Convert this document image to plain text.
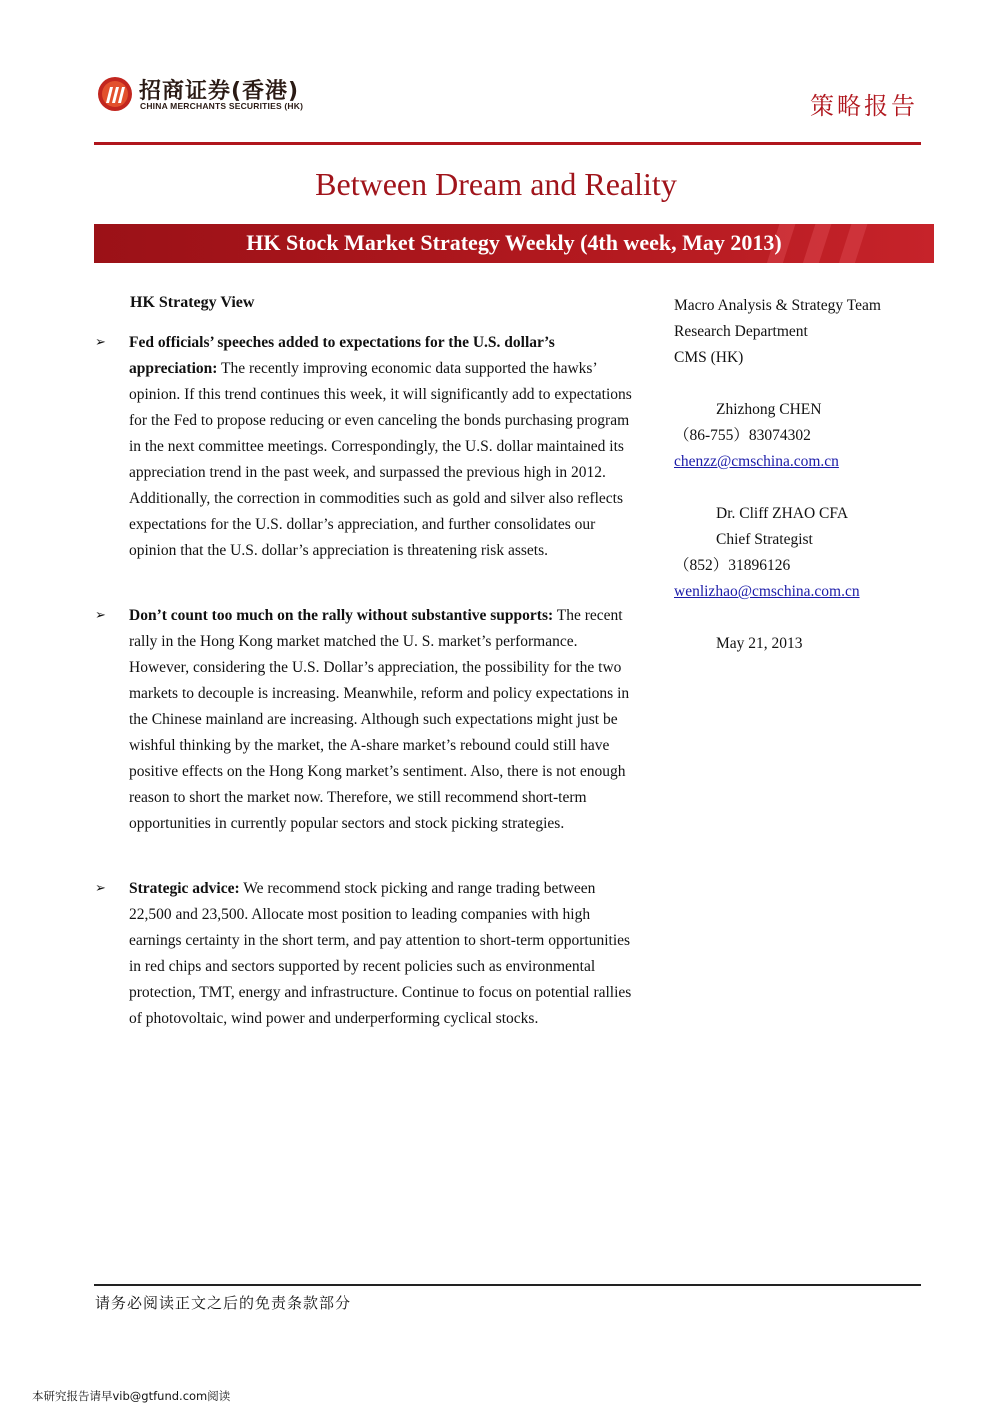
招商证券(香港)
CHINA MERCHANTS SECURITIES (HK)	策略报告
Between Dream and Reality
HK Stock Market Strategy Weekly (4th week, May 2013)
HK Strategy View
➢	Fed officials’ speeches added to expectations for the U.S. dollar’s appreciation: The recently improving economic data supported the hawks’ opinion. If this trend continues this week, it will significantly add to expectations for the Fed to propose reducing or even canceling the bonds purchasing program in the next committee meetings. Correspondingly, the U.S. dollar maintained its appreciation trend in the past week, and surpassed the previous high in 2012. Additionally, the correction in commodities such as gold and silver also reflects expectations for the U.S. dollar’s appreciation, and further consolidates our opinion that the U.S. dollar’s appreciation is threatening risk assets.
➢	Don’t count too much on the rally without substantive supports: The recent rally in the Hong Kong market matched the U. S. market’s performance. However, considering the U.S. Dollar’s appreciation, the possibility for the two markets to decouple is increasing. Meanwhile, reform and policy expectations in the Chinese mainland are increasing. Although such expectations might just be wishful thinking by the market, the A-share market’s rebound could still have positive effects on the Hong Kong market’s sentiment. Also, there is not enough reason to short the market now. Therefore, we still recommend short-term opportunities in currently popular sectors and stock picking strategies.
➢	Strategic advice: We recommend stock picking and range trading between 22,500 and 23,500. Allocate most position to leading companies with high earnings certainty in the short term, and pay attention to short-term opportunities in red chips and sectors supported by recent policies such as environmental protection, TMT, energy and infrastructure. Continue to focus on potential rallies of photovoltaic, wind power and underperforming cyclical stocks.
Macro Analysis & Strategy Team
Research Department
CMS (HK)
Zhizhong CHEN
（86-755）83074302
chenzz@cmschina.com.cn
Dr. Cliff ZHAO CFA
Chief Strategist
（852）31896126
wenlizhao@cmschina.com.cn
May 21, 2013
请务必阅读正文之后的免责条款部分
本研究报告请早vib@gtfund.com阅读
